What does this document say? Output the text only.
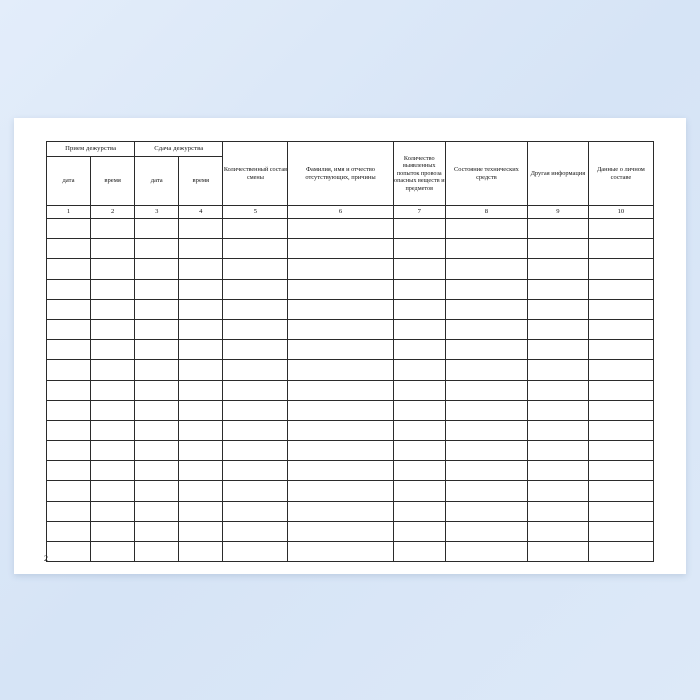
Прием дежурства		Сдача дежурства		Количественный состав смены	Фамилия, имя и отчество отсутствующих, причины	Количество выявленных попыток провоза опасных веществ и предметов	Состояние технических средств	Другая информация	Данные о личном составе
дата	время	дата	время						
1	2	3	4	5	6	7	8	9	10

2
